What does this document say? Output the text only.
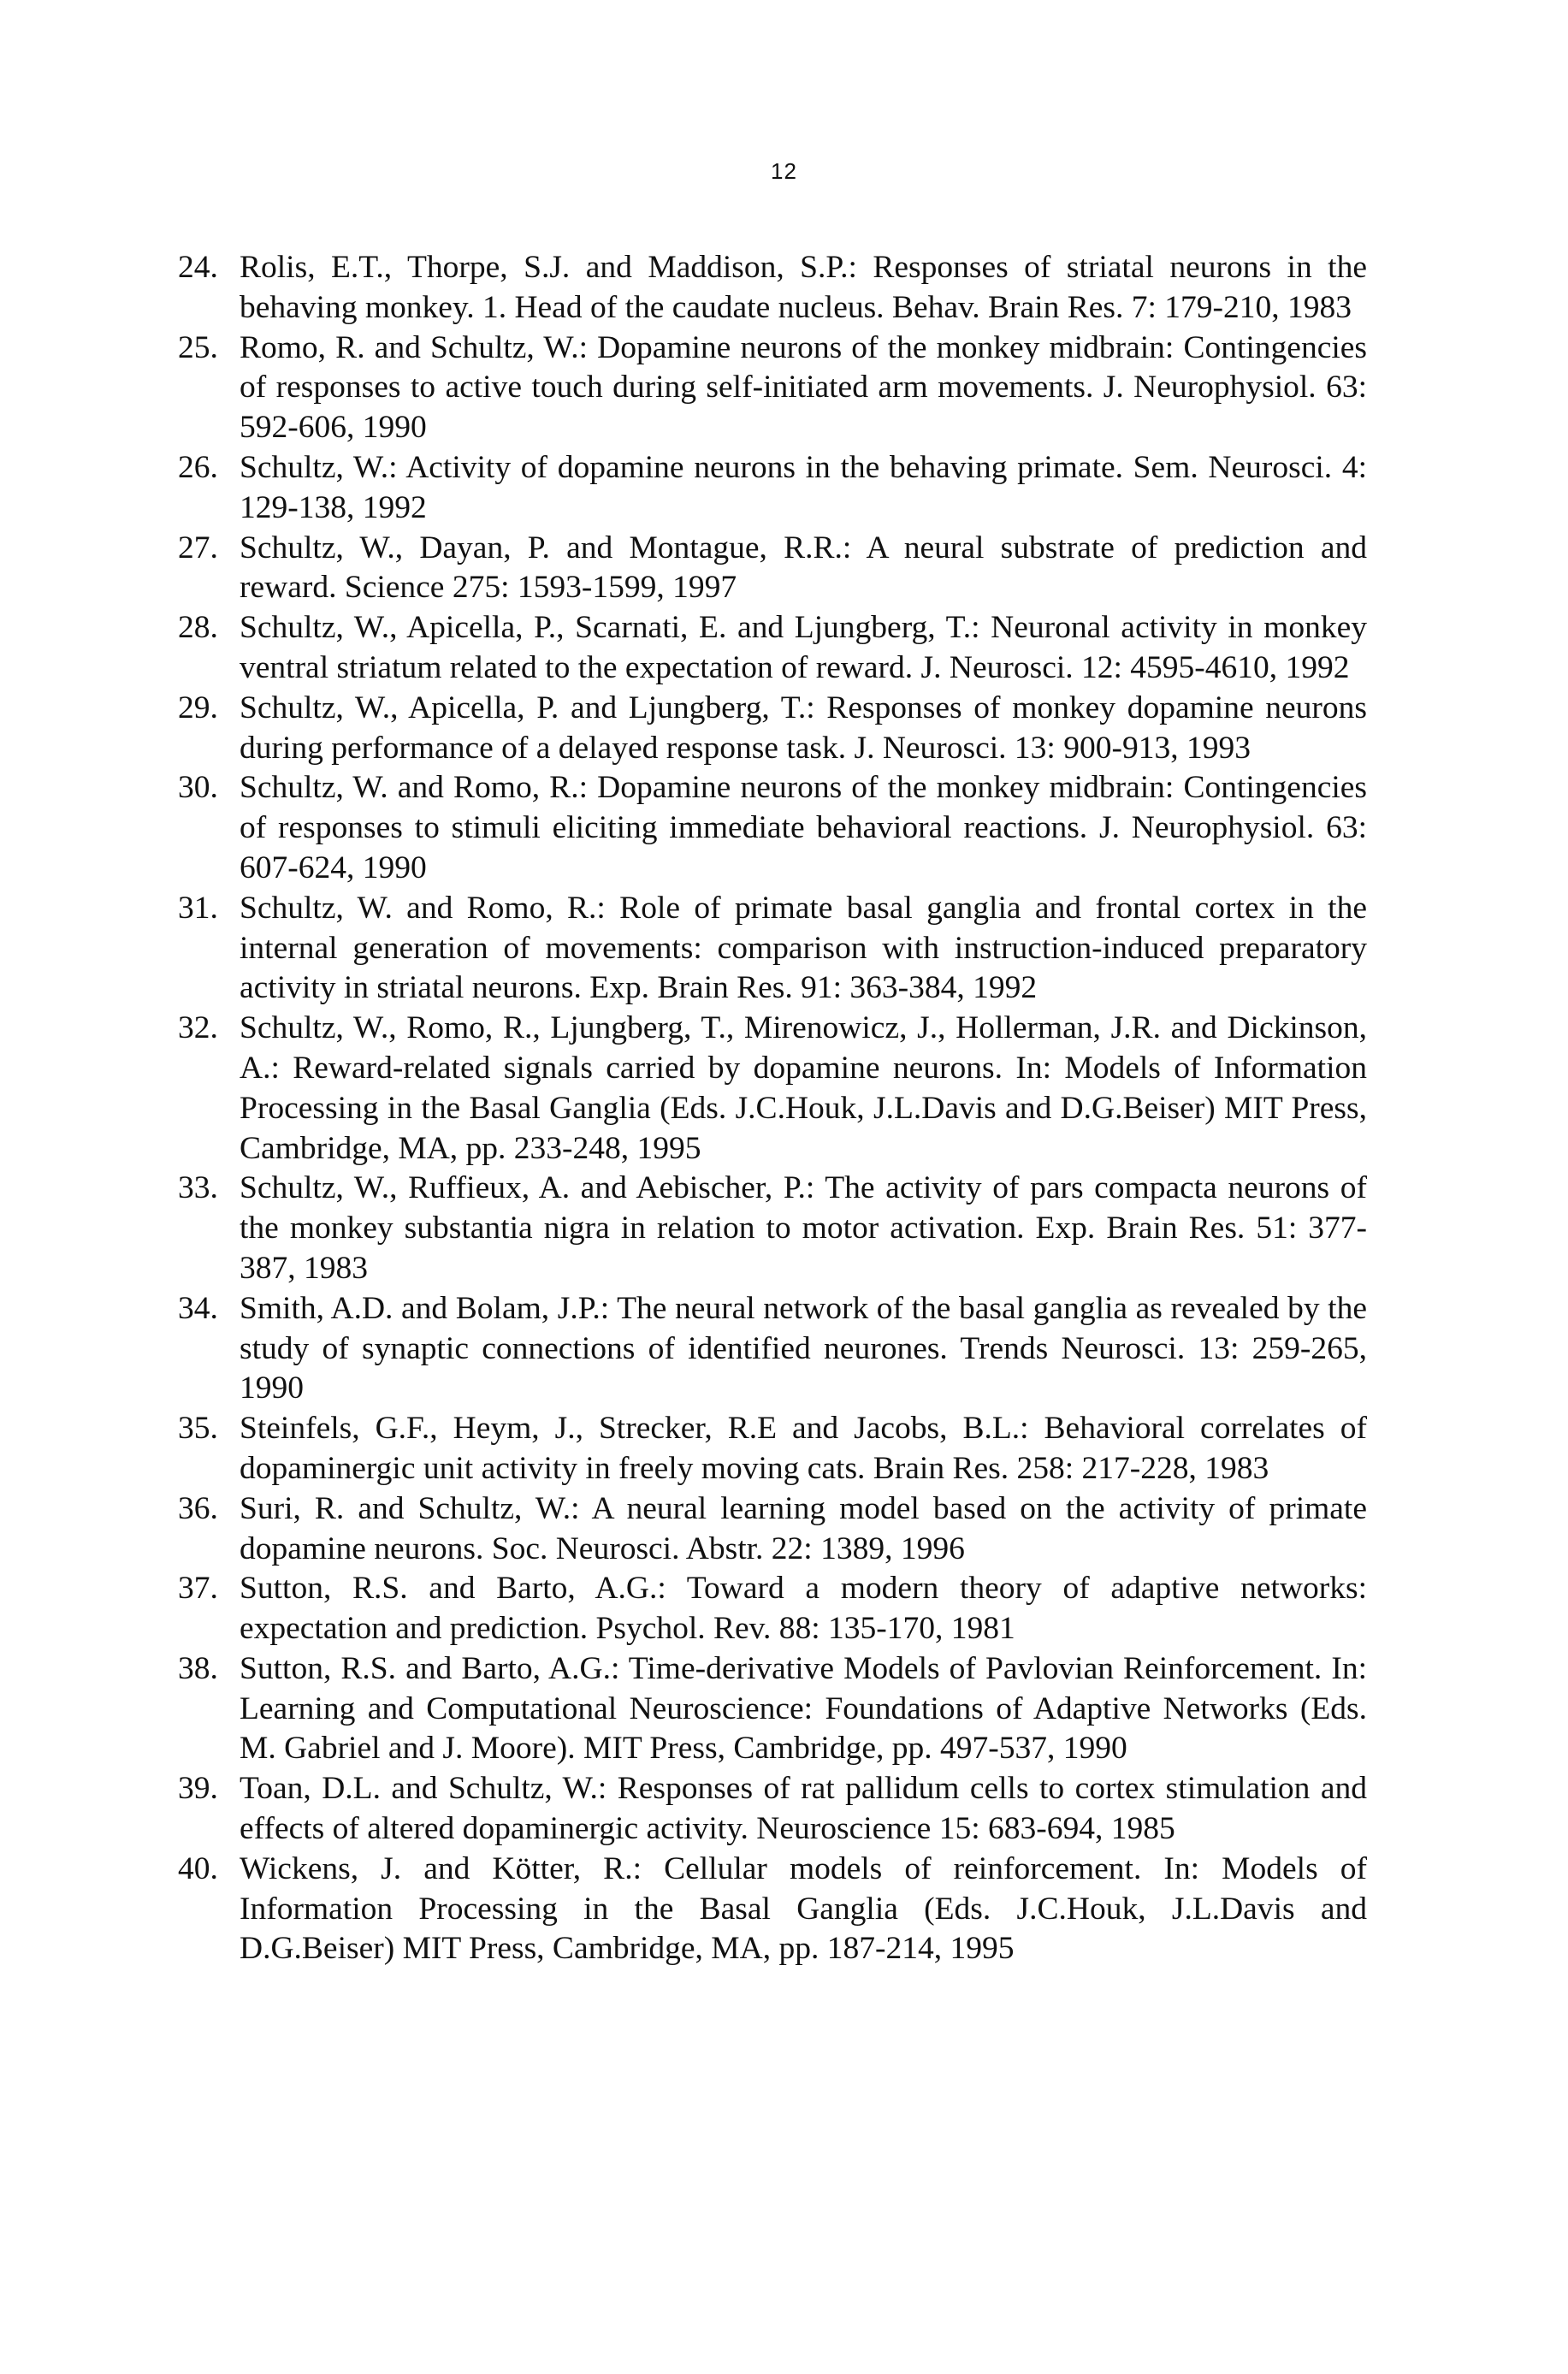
12
24. Rolis, E.T., Thorpe, S.J. and Maddison, S.P.: Responses of striatal neurons in the behaving monkey. 1. Head of the caudate nucleus. Behav. Brain Res. 7: 179-210, 1983
25. Romo, R. and Schultz, W.: Dopamine neurons of the monkey midbrain: Contingencies of responses to active touch during self-initiated arm movements. J. Neurophysiol. 63: 592-606, 1990
26. Schultz, W.: Activity of dopamine neurons in the behaving primate. Sem. Neurosci. 4: 129-138, 1992
27. Schultz, W., Dayan, P. and Montague, R.R.: A neural substrate of prediction and reward. Science 275: 1593-1599, 1997
28. Schultz, W., Apicella, P., Scarnati, E. and Ljungberg, T.: Neuronal activity in monkey ventral striatum related to the expectation of reward. J. Neurosci. 12: 4595-4610, 1992
29. Schultz, W., Apicella, P. and Ljungberg, T.: Responses of monkey dopamine neurons during performance of a delayed response task. J. Neurosci. 13: 900-913, 1993
30. Schultz, W. and Romo, R.: Dopamine neurons of the monkey midbrain: Contingencies of responses to stimuli eliciting immediate behavioral reactions. J. Neurophysiol. 63: 607-624, 1990
31. Schultz, W. and Romo, R.: Role of primate basal ganglia and frontal cortex in the internal generation of movements: comparison with instruction-induced preparatory activity in striatal neurons. Exp. Brain Res. 91: 363-384, 1992
32. Schultz, W., Romo, R., Ljungberg, T., Mirenowicz, J., Hollerman, J.R. and Dickinson, A.: Reward-related signals carried by dopamine neurons. In: Models of Information Processing in the Basal Ganglia (Eds. J.C.Houk, J.L.Davis and D.G.Beiser) MIT Press, Cambridge, MA, pp. 233-248, 1995
33. Schultz, W., Ruffieux, A. and Aebischer, P.: The activity of pars compacta neurons of the monkey substantia nigra in relation to motor activation. Exp. Brain Res. 51: 377-387, 1983
34. Smith, A.D. and Bolam, J.P.: The neural network of the basal ganglia as revealed by the study of synaptic connections of identified neurones. Trends Neurosci. 13: 259-265, 1990
35. Steinfels, G.F., Heym, J., Strecker, R.E and Jacobs, B.L.: Behavioral correlates of dopaminergic unit activity in freely moving cats. Brain Res. 258: 217-228, 1983
36. Suri, R. and Schultz, W.: A neural learning model based on the activity of primate dopamine neurons. Soc. Neurosci. Abstr. 22: 1389, 1996
37. Sutton, R.S. and Barto, A.G.: Toward a modern theory of adaptive networks: expectation and prediction. Psychol. Rev. 88: 135-170, 1981
38. Sutton, R.S. and Barto, A.G.: Time-derivative Models of Pavlovian Reinforcement. In: Learning and Computational Neuroscience: Foundations of Adaptive Networks (Eds. M. Gabriel and J. Moore). MIT Press, Cambridge, pp. 497-537, 1990
39. Toan, D.L. and Schultz, W.: Responses of rat pallidum cells to cortex stimulation and effects of altered dopaminergic activity. Neuroscience 15: 683-694, 1985
40. Wickens, J. and Kötter, R.: Cellular models of reinforcement. In: Models of Information Processing in the Basal Ganglia (Eds. J.C.Houk, J.L.Davis and D.G.Beiser) MIT Press, Cambridge, MA, pp. 187-214, 1995
